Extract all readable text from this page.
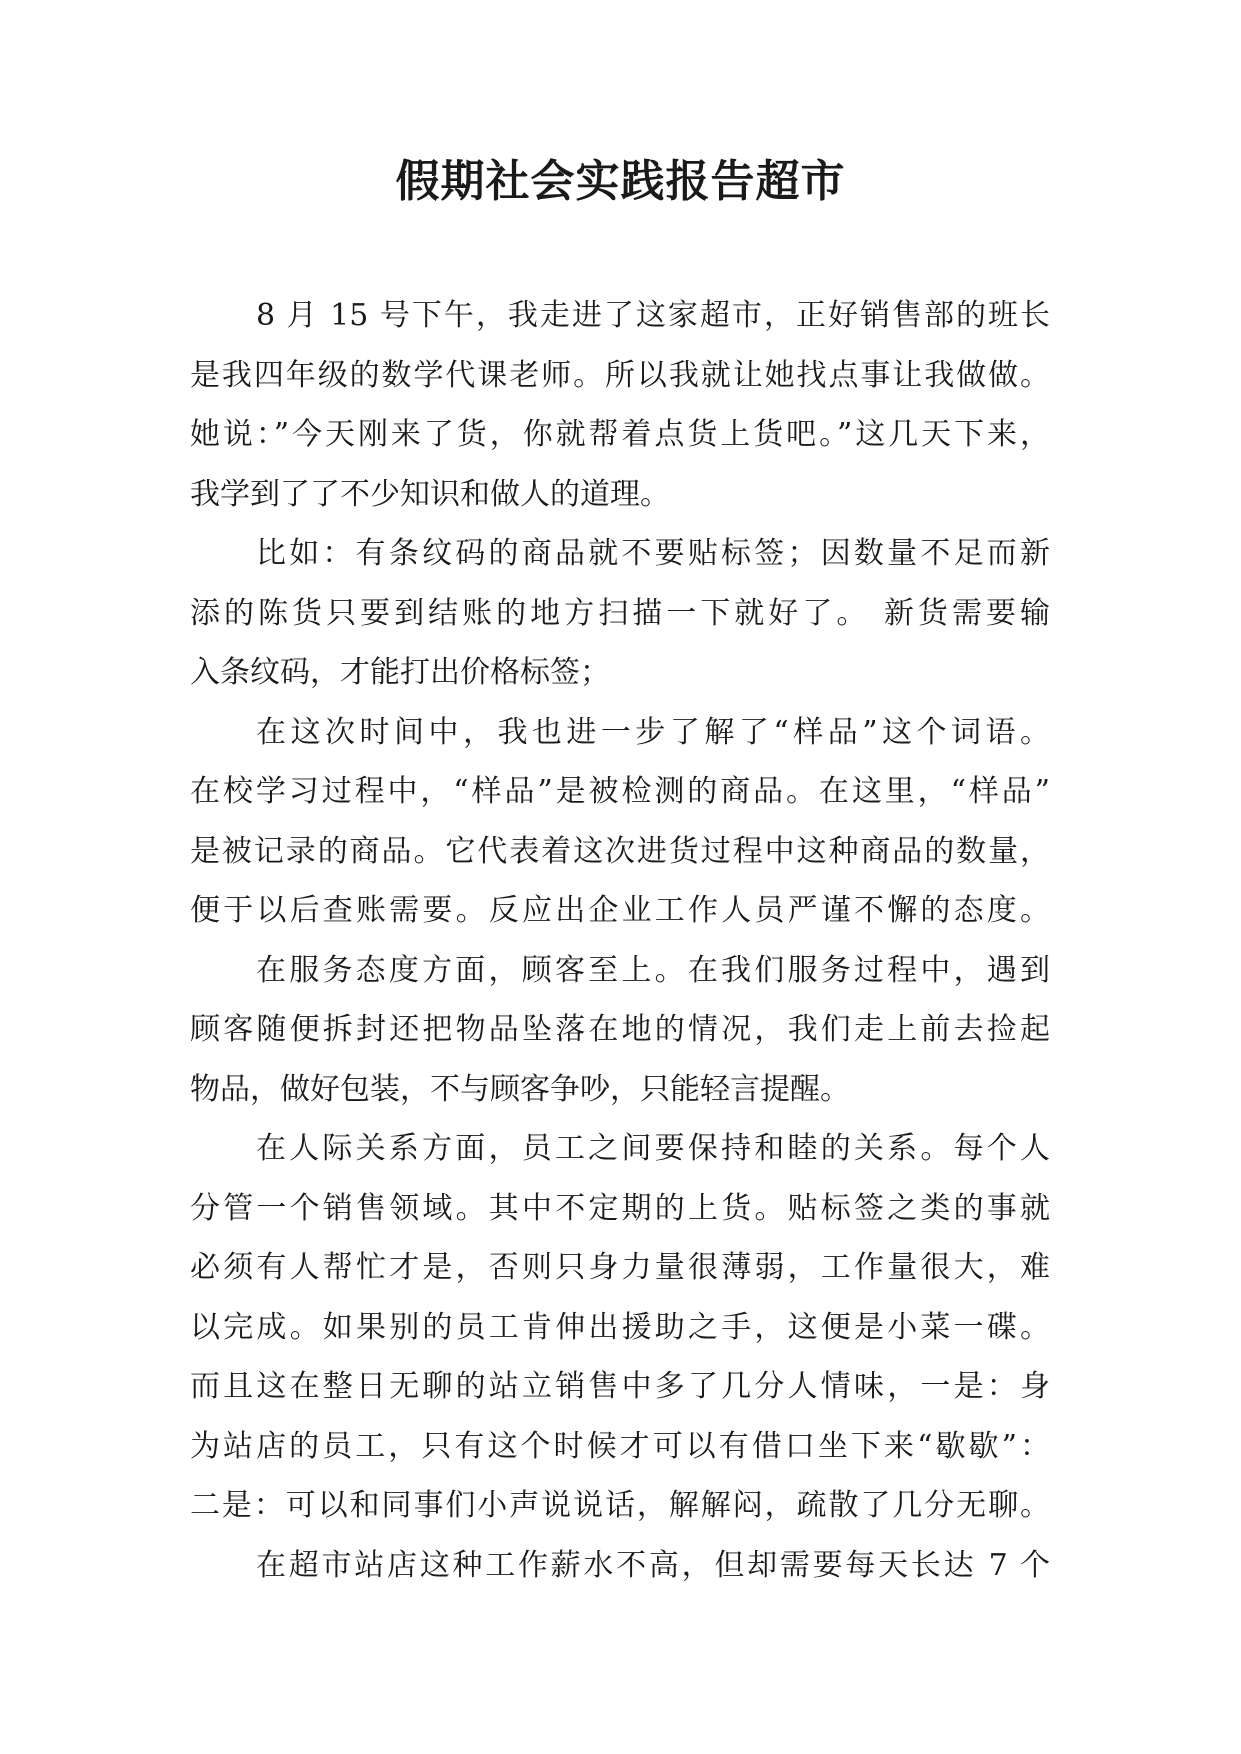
假期社会实践报告超市

8 月 15 号下午，我走进了这家超市，正好销售部的班长
是我四年级的数学代课老师。所以我就让她找点事让我做做。
她说：”今天刚来了货，你就帮着点货上货吧。”这几天下来，
我学到了了不少知识和做人的道理。

比如：有条纹码的商品就不要贴标签；因数量不足而新
添的陈货只要到结账的地方扫描一下就好了。 新货需要输
入条纹码，才能打出价格标签；

在这次时间中，我也进一步了解了“样品”这个词语。
在校学习过程中，“样品”是被检测的商品。在这里，“样品”
是被记录的商品。它代表着这次进货过程中这种商品的数量，
便于以后查账需要。反应出企业工作人员严谨不懈的态度。

在服务态度方面，顾客至上。在我们服务过程中，遇到
顾客随便拆封还把物品坠落在地的情况，我们走上前去捡起
物品，做好包装，不与顾客争吵，只能轻言提醒。

在人际关系方面，员工之间要保持和睦的关系。每个人
分管一个销售领域。其中不定期的上货。贴标签之类的事就
必须有人帮忙才是，否则只身力量很薄弱，工作量很大，难
以完成。如果别的员工肯伸出援助之手，这便是小菜一碟。
而且这在整日无聊的站立销售中多了几分人情味，一是：身
为站店的员工，只有这个时候才可以有借口坐下来“歇歇”：
二是：可以和同事们小声说说话，解解闷，疏散了几分无聊。

在超市站店这种工作薪水不高，但却需要每天长达 7 个
